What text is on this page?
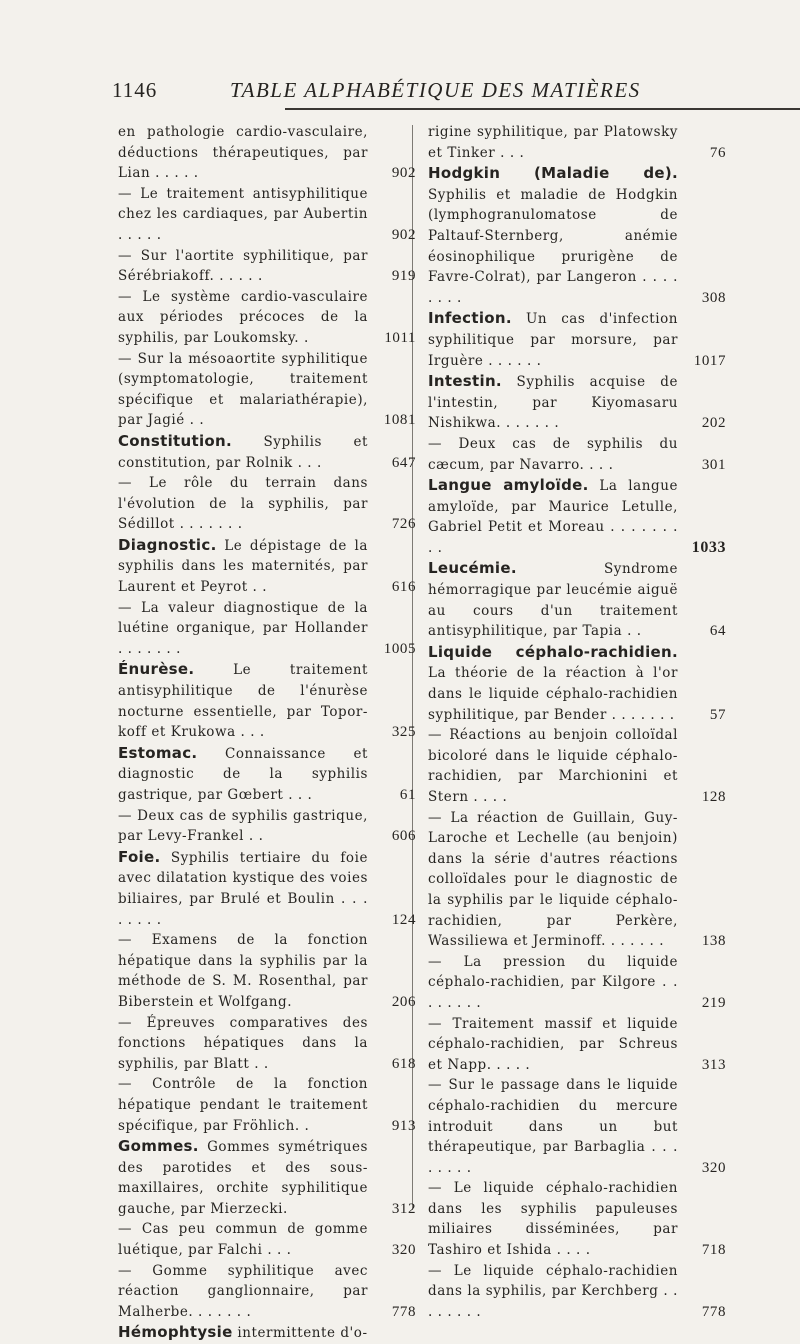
1146	TABLE ALPHABÉTIQUE DES MATIÈRES

en pathologie cardio-vasculaire, déductions thérapeutiques, par Lian . . . . .	902

— Le traitement antisyphilitique chez les cardiaques, par Aubertin . . . . .	902

— Sur l'aortite syphilitique, par Sérébriakoff. . . . . .	919

— Le système cardio-vasculaire aux périodes précoces de la syphilis, par Loukomsky. .	1011

— Sur la mésoaortite syphilitique (symptomatologie, traitement spécifique et malariathérapie), par Jagié . .	1081

Constitution. Syphilis et constitution, par Rolnik . . .	647

— Le rôle du terrain dans l'évolution de la syphilis, par Sédillot . . . . . . .	726

Diagnostic. Le dépistage de la syphilis dans les maternités, par Laurent et Peyrot . .	616

— La valeur diagnostique de la luétine organique, par Hollander . . . . . . .	1005

Énurèse. Le traitement antisyphilitique de l'énurèse nocturne essentielle, par Topor-koff et Krukowa . . .	325

Estomac. Connaissance et diagnostic de la syphilis gastrique, par Gœbert . . .	61

— Deux cas de syphilis gastrique, par Levy-Frankel . .	606

Foie. Syphilis tertiaire du foie avec dilatation kystique des voies biliaires, par Brulé et Boulin . . . . . . . .	124

— Examens de la fonction hépatique dans la syphilis par la méthode de S. M. Rosenthal, par Biberstein et Wolfgang.	206

— Épreuves comparatives des fonctions hépatiques dans la syphilis, par Blatt . .	618

— Contrôle de la fonction hépatique pendant le traitement spécifique, par Fröhlich. .	913

Gommes. Gommes symétriques des parotides et des sous-maxillaires, orchite syphilitique gauche, par Mierzecki.	312

— Cas peu commun de gomme luétique, par Falchi . . .	320

— Gomme syphilitique avec réaction ganglionnaire, par Malherbe. . . . . . .	778

Hémophtysie intermittente d'o-

rigine syphilitique, par Platowsky et Tinker . . .	76

Hodgkin (Maladie de). Syphilis et maladie de Hodgkin (lymphogranulomatose de Paltauf-Sternberg, anémie éosinophilique prurigène de Favre-Colrat), par Langeron . . . . . . . .	308

Infection. Un cas d'infection syphilitique par morsure, par Irguère . . . . . .	1017

Intestin. Syphilis acquise de l'intestin, par Kiyomasaru Nishikwa. . . . . . .	202

— Deux cas de syphilis du cæcum, par Navarro. . . .	301

Langue amyloïde. La langue amyloïde, par Maurice Letulle, Gabriel Petit et Moreau . . . . . . . . .	1033

Leucémie. Syndrome hémorragique par leucémie aiguë au cours d'un traitement antisyphilitique, par Tapia . .	64

Liquide céphalo-rachidien. La théorie de la réaction à l'or dans le liquide céphalo-rachidien syphilitique, par Bender . . . . . . .	57

— Réactions au benjoin colloïdal bicoloré dans le liquide céphalo-rachidien, par Marchionini et Stern . . . .	128

— La réaction de Guillain, Guy-Laroche et Lechelle (au benjoin) dans la série d'autres réactions colloïdales pour le diagnostic de la syphilis par le liquide céphalo-rachidien, par Perkère, Wassiliewa et Jerminoff. . . . . . .	138

— La pression du liquide céphalo-rachidien, par Kilgore . . . . . . . .	219

— Traitement massif et liquide céphalo-rachidien, par Schreus et Napp. . . . .	313

— Sur le passage dans le liquide céphalo-rachidien du mercure introduit dans un but thérapeutique, par Barbaglia . . . . . . . .	320

— Le liquide céphalo-rachidien dans les syphilis papuleuses miliaires disséminées, par Tashiro et Ishida . . . .	718

— Le liquide céphalo-rachidien dans la syphilis, par Kerchberg . . . . . . . .	778
